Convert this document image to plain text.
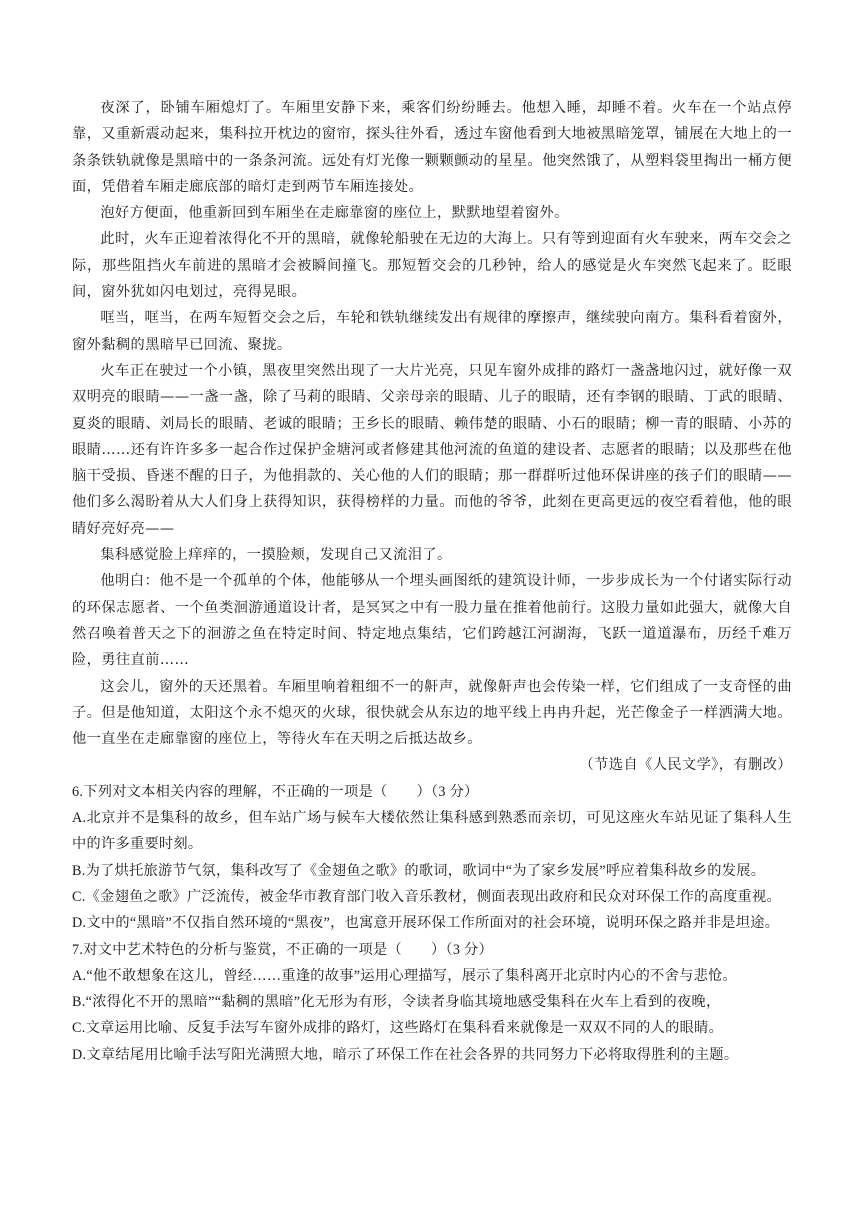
夜深了，卧铺车厢熄灯了。车厢里安静下来，乘客们纷纷睡去。他想入睡，却睡不着。火车在一个站点停靠，又重新震动起来，集科拉开枕边的窗帘，探头往外看，透过车窗他看到大地被黑暗笼罩，铺展在大地上的一条条铁轨就像是黑暗中的一条条河流。远处有灯光像一颗颗颤动的星星。他突然饿了，从塑料袋里掏出一桶方便面，凭借着车厢走廊底部的暗灯走到两节车厢连接处。

泡好方便面，他重新回到车厢坐在走廊靠窗的座位上，默默地望着窗外。

此时，火车正迎着浓得化不开的黑暗，就像轮船驶在无边的大海上。只有等到迎面有火车驶来，两车交会之际，那些阻挡火车前进的黑暗才会被瞬间撞飞。那短暂交会的几秒钟，给人的感觉是火车突然飞起来了。眨眼间，窗外犹如闪电划过，亮得晃眼。

哐当，哐当，在两车短暂交会之后，车轮和铁轨继续发出有规律的摩擦声，继续驶向南方。集科看着窗外，窗外黏稠的黑暗早已回流、聚拢。

火车正在驶过一个小镇，黑夜里突然出现了一大片光亮，只见车窗外成排的路灯一盏盏地闪过，就好像一双双明亮的眼睛——一盏一盏，除了马莉的眼睛、父亲母亲的眼睛、儿子的眼睛，还有李钢的眼睛、丁武的眼睛、夏炎的眼睛、刘局长的眼睛、老诚的眼睛；王乡长的眼睛、赖伟楚的眼睛、小石的眼睛；柳一青的眼睛、小苏的眼睛……还有许许多多一起合作过保护金塘河或者修建其他河流的鱼道的建设者、志愿者的眼睛；以及那些在他脑干受损、昏迷不醒的日子，为他捐款的、关心他的人们的眼睛；那一群群听过他环保讲座的孩子们的眼睛——他们多么渴盼着从大人们身上获得知识，获得榜样的力量。而他的爷爷，此刻在更高更远的夜空看着他，他的眼睛好亮好亮——

集科感觉脸上痒痒的，一摸脸颊，发现自己又流泪了。

他明白：他不是一个孤单的个体，他能够从一个埋头画图纸的建筑设计师，一步步成长为一个付诸实际行动的环保志愿者、一个鱼类洄游通道设计者，是冥冥之中有一股力量在推着他前行。这股力量如此强大，就像大自然召唤着普天之下的洄游之鱼在特定时间、特定地点集结，它们跨越江河湖海，飞跃一道道瀑布，历经千难万险，勇往直前……

这会儿，窗外的天还黑着。车厢里响着粗细不一的鼾声，就像鼾声也会传染一样，它们组成了一支奇怪的曲子。但是他知道，太阳这个永不熄灭的火球，很快就会从东边的地平线上冉冉升起，光芒像金子一样洒满大地。他一直坐在走廊靠窗的座位上，等待火车在天明之后抵达故乡。

（节选自《人民文学》，有删改）

6.下列对文本相关内容的理解，不正确的一项是（　　）（3 分）

A.北京并不是集科的故乡，但车站广场与候车大楼依然让集科感到熟悉而亲切，可见这座火车站见证了集科人生中的许多重要时刻。

B.为了烘托旅游节气氛，集科改写了《金翅鱼之歌》的歌词，歌词中“为了家乡发展”呼应着集科故乡的发展。

C.《金翅鱼之歌》广泛流传，被金华市教育部门收入音乐教材，侧面表现出政府和民众对环保工作的高度重视。

D.文中的“黑暗”不仅指自然环境的“黑夜”，也寓意开展环保工作所面对的社会环境，说明环保之路并非是坦途。

7.对文中艺术特色的分析与鉴赏，不正确的一项是（　　）（3 分）

A.“他不敢想象在这儿，曾经……重逢的故事”运用心理描写，展示了集科离开北京时内心的不舍与悲怆。

B.“浓得化不开的黑暗”“黏稠的黑暗”化无形为有形，令读者身临其境地感受集科在火车上看到的夜晚，

C.文章运用比喻、反复手法写车窗外成排的路灯，这些路灯在集科看来就像是一双双不同的人的眼睛。

D.文章结尾用比喻手法写阳光满照大地，暗示了环保工作在社会各界的共同努力下必将取得胜利的主题。
